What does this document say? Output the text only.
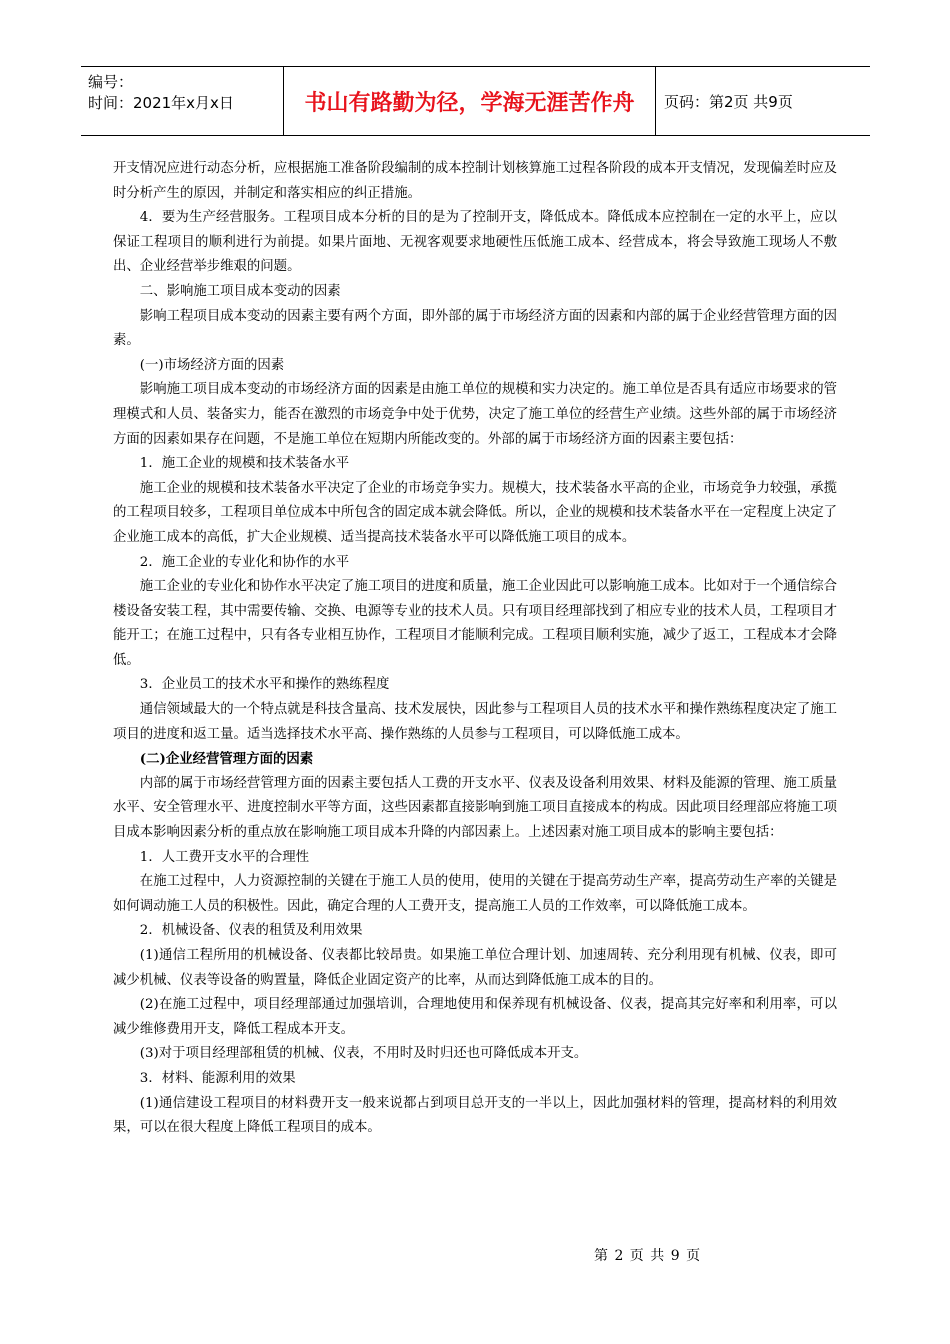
编号：
时间：2021年x月x日	书山有路勤为径，学海无涯苦作舟	页码：第2页 共9页

开支情况应进行动态分析，应根据施工准备阶段编制的成本控制计划核算施工过程各阶段的成本开支情况，发现偏差时应及时分析产生的原因，并制定和落实相应的纠正措施。

4．要为生产经营服务。工程项目成本分析的目的是为了控制开支，降低成本。降低成本应控制在一定的水平上，应以保证工程项目的顺利进行为前提。如果片面地、无视客观要求地硬性压低施工成本、经营成本，将会导致施工现场人不敷出、企业经营举步维艰的问题。

二、影响施工项目成本变动的因素

影响工程项目成本变动的因素主要有两个方面，即外部的属于市场经济方面的因素和内部的属于企业经营管理方面的因素。

(一)市场经济方面的因素

影响施工项目成本变动的市场经济方面的因素是由施工单位的规模和实力决定的。施工单位是否具有适应市场要求的管理模式和人员、装备实力，能否在激烈的市场竞争中处于优势，决定了施工单位的经营生产业绩。这些外部的属于市场经济方面的因素如果存在问题，不是施工单位在短期内所能改变的。外部的属于市场经济方面的因素主要包括：

1．施工企业的规模和技术装备水平

施工企业的规模和技术装备水平决定了企业的市场竞争实力。规模大，技术装备水平高的企业，市场竞争力较强，承揽的工程项目较多，工程项目单位成本中所包含的固定成本就会降低。所以，企业的规模和技术装备水平在一定程度上决定了企业施工成本的高低，扩大企业规模、适当提高技术装备水平可以降低施工项目的成本。

2．施工企业的专业化和协作的水平

施工企业的专业化和协作水平决定了施工项目的进度和质量，施工企业因此可以影响施工成本。比如对于一个通信综合楼设备安装工程，其中需要传输、交换、电源等专业的技术人员。只有项目经理部找到了相应专业的技术人员，工程项目才能开工；在施工过程中，只有各专业相互协作，工程项目才能顺利完成。工程项目顺利实施，减少了返工，工程成本才会降低。

3．企业员工的技术水平和操作的熟练程度

通信领域最大的一个特点就是科技含量高、技术发展快，因此参与工程项目人员的技术水平和操作熟练程度决定了施工项目的进度和返工量。适当选择技术水平高、操作熟练的人员参与工程项目，可以降低施工成本。

(二)企业经营管理方面的因素

内部的属于市场经营管理方面的因素主要包括人工费的开支水平、仪表及设备利用效果、材料及能源的管理、施工质量水平、安全管理水平、进度控制水平等方面，这些因素都直接影响到施工项目直接成本的构成。因此项目经理部应将施工项目成本影响因素分析的重点放在影响施工项目成本升降的内部因素上。上述因素对施工项目成本的影响主要包括：

1．人工费开支水平的合理性

在施工过程中，人力资源控制的关键在于施工人员的使用，使用的关键在于提高劳动生产率，提高劳动生产率的关键是如何调动施工人员的积极性。因此，确定合理的人工费开支，提高施工人员的工作效率，可以降低施工成本。

2．机械设备、仪表的租赁及利用效果

(1)通信工程所用的机械设备、仪表都比较昂贵。如果施工单位合理计划、加速周转、充分利用现有机械、仪表，即可减少机械、仪表等设备的购置量，降低企业固定资产的比率，从而达到降低施工成本的目的。

(2)在施工过程中，项目经理部通过加强培训，合理地使用和保养现有机械设备、仪表，提高其完好率和利用率，可以减少维修费用开支，降低工程成本开支。

(3)对于项目经理部租赁的机械、仪表，不用时及时归还也可降低成本开支。

3．材料、能源利用的效果

(1)通信建设工程项目的材料费开支一般来说都占到项目总开支的一半以上，因此加强材料的管理，提高材料的利用效果，可以在很大程度上降低工程项目的成本。

第 2 页 共 9 页
